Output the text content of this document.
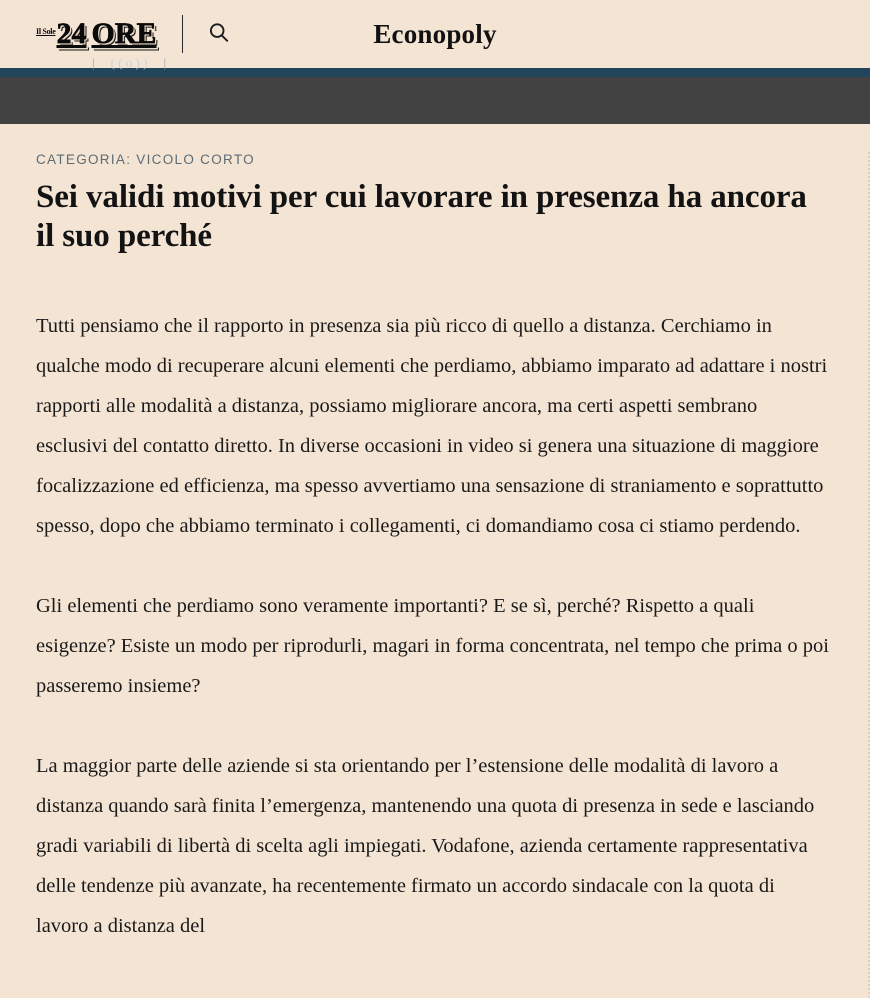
Il Sole 24 ORE	Econopoly
| ( ( o ) ) |
CATEGORIA: VICOLO CORTO
Sei validi motivi per cui lavorare in presenza ha ancora il suo perché

Tutti pensiamo che il rapporto in presenza sia più ricco di quello a distanza. Cerchiamo in qualche modo di recuperare alcuni elementi che perdiamo, abbiamo imparato ad adattare i nostri rapporti alle modalità a distanza, possiamo migliorare ancora, ma certi aspetti sembrano esclusivi del contatto diretto. In diverse occasioni in video si genera una situazione di maggiore focalizzazione ed efficienza, ma spesso avvertiamo una sensazione di straniamento e soprattutto spesso, dopo che abbiamo terminato i collegamenti, ci domandiamo cosa ci stiamo perdendo.

Gli elementi che perdiamo sono veramente importanti? E se sì, perché? Rispetto a quali esigenze? Esiste un modo per riprodurli, magari in forma concentrata, nel tempo che prima o poi passeremo insieme?

La maggior parte delle aziende si sta orientando per l’estensione delle modalità di lavoro a distanza quando sarà finita l’emergenza, mantenendo una quota di presenza in sede e lasciando gradi variabili di libertà di scelta agli impiegati. Vodafone, azienda certamente rappresentativa delle tendenze più avanzate, ha recentemente firmato un accordo sindacale con la quota di lavoro a distanza del
